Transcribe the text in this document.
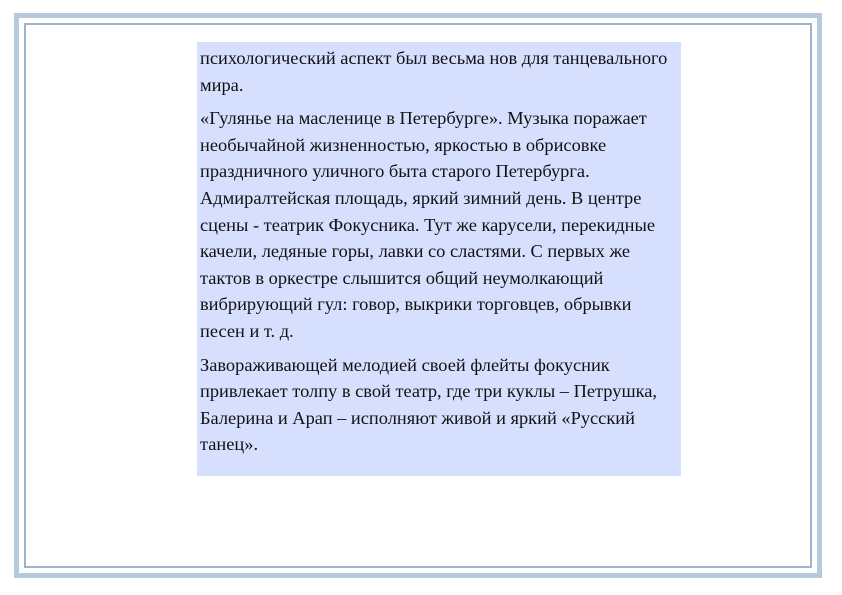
психологический аспект был весьма нов для танцевального мира.

«Гулянье на масленице в Петербурге». Музыка поражает необычайной жизненностью, яркостью в обрисовке праздничного уличного быта старого Петербурга. Адмиралтейская площадь, яркий зимний день. В центре сцены - театрик Фокусника. Тут же карусели, перекидные качели, ледяные горы, лавки со сластями. С первых же тактов в оркестре слышится общий неумолкающий вибрирующий гул: говор, выкрики торговцев, обрывки песен и т. д.

Завораживающей мелодией своей флейты фокусник привлекает толпу в свой театр, где три куклы – Петрушка, Балерина и Арап – исполняют живой и яркий «Русский танец».
